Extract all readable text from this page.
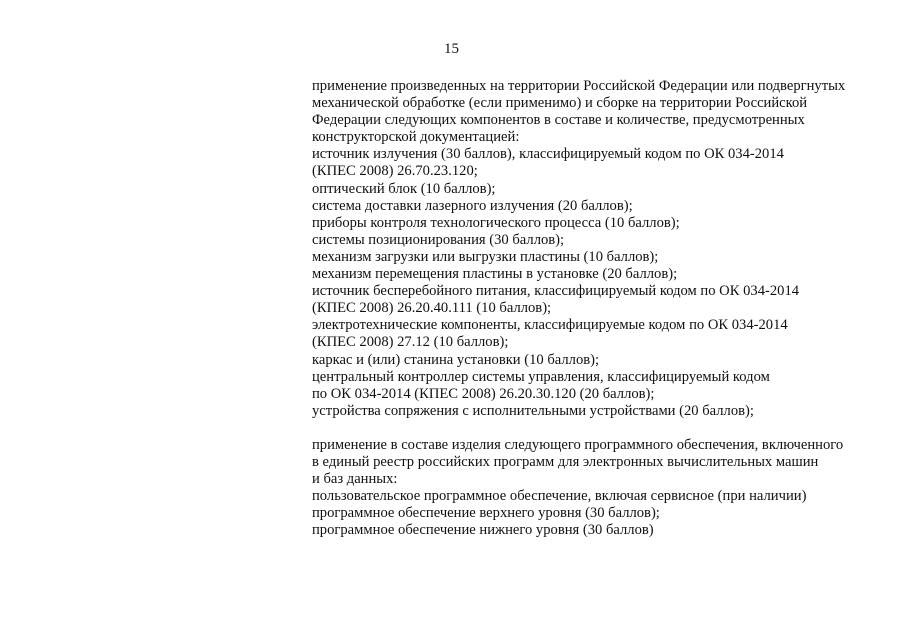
15
применение произведенных на территории Российской Федерации или подвергнутых
механической обработке (если применимо) и сборке на территории Российской
Федерации следующих компонентов в составе и количестве, предусмотренных
конструкторской документацией:
источник излучения (30 баллов), классифицируемый кодом по ОК 034-2014
(КПЕС 2008) 26.70.23.120;
оптический блок (10 баллов);
система доставки лазерного излучения (20 баллов);
приборы контроля технологического процесса (10 баллов);
системы позиционирования (30 баллов);
механизм загрузки или выгрузки пластины (10 баллов);
механизм перемещения пластины в установке (20 баллов);
источник бесперебойного питания, классифицируемый кодом по ОК 034-2014
(КПЕС 2008) 26.20.40.111 (10 баллов);
электротехнические компоненты, классифицируемые кодом по ОК 034-2014
(КПЕС 2008) 27.12 (10 баллов);
каркас и (или) станина установки (10 баллов);
центральный контроллер системы управления, классифицируемый кодом
по ОК 034-2014 (КПЕС 2008) 26.20.30.120 (20 баллов);
устройства сопряжения с исполнительными устройствами (20 баллов);
применение в составе изделия следующего программного обеспечения, включенного
в единый реестр российских программ для электронных вычислительных машин
и баз данных:
пользовательское программное обеспечение, включая сервисное (при наличии)
программное обеспечение верхнего уровня (30 баллов);
программное обеспечение нижнего уровня (30 баллов)
